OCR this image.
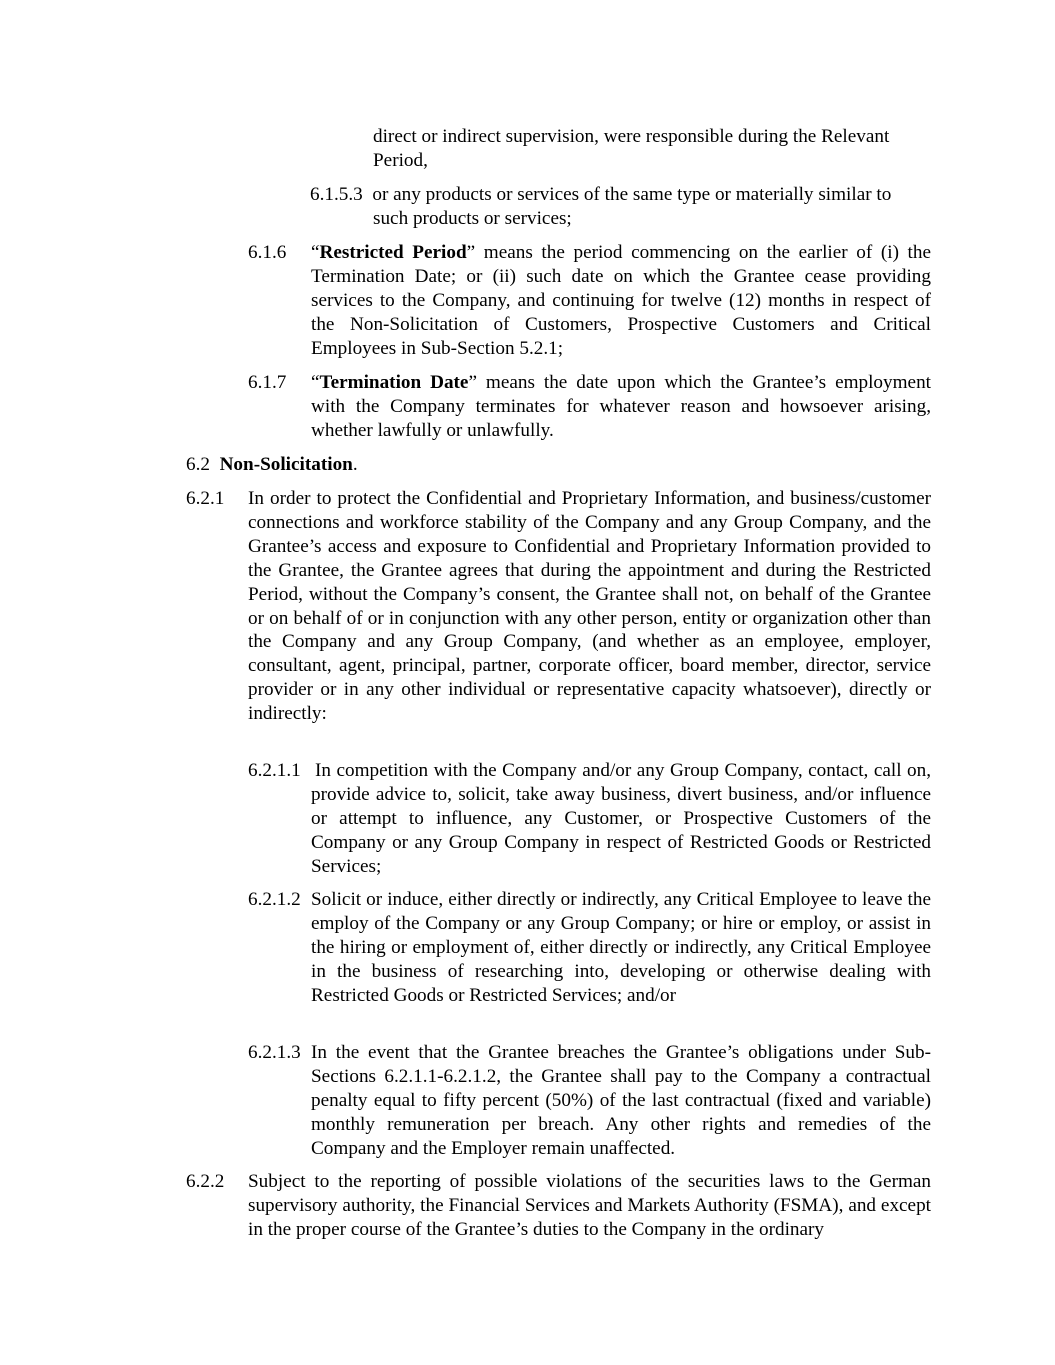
direct or indirect supervision, were responsible during the Relevant Period,
6.1.5.3 or any products or services of the same type or materially similar to such products or services;
6.1.6 “Restricted Period” means the period commencing on the earlier of (i) the Termination Date; or (ii) such date on which the Grantee cease providing services to the Company, and continuing for twelve (12) months in respect of the Non-Solicitation of Customers, Prospective Customers and Critical Employees in Sub-Section 5.2.1;
6.1.7 “Termination Date” means the date upon which the Grantee’s employment with the Company terminates for whatever reason and howsoever arising, whether lawfully or unlawfully.
6.2 Non-Solicitation.
6.2.1 In order to protect the Confidential and Proprietary Information, and business/customer connections and workforce stability of the Company and any Group Company, and the Grantee’s access and exposure to Confidential and Proprietary Information provided to the Grantee, the Grantee agrees that during the appointment and during the Restricted Period, without the Company’s consent, the Grantee shall not, on behalf of the Grantee or on behalf of or in conjunction with any other person, entity or organization other than the Company and any Group Company, (and whether as an employee, employer, consultant, agent, principal, partner, corporate officer, board member, director, service provider or in any other individual or representative capacity whatsoever), directly or indirectly:
6.2.1.1 In competition with the Company and/or any Group Company, contact, call on, provide advice to, solicit, take away business, divert business, and/or influence or attempt to influence, any Customer, or Prospective Customers of the Company or any Group Company in respect of Restricted Goods or Restricted Services;
6.2.1.2 Solicit or induce, either directly or indirectly, any Critical Employee to leave the employ of the Company or any Group Company; or hire or employ, or assist in the hiring or employment of, either directly or indirectly, any Critical Employee in the business of researching into, developing or otherwise dealing with Restricted Goods or Restricted Services; and/or
6.2.1.3 In the event that the Grantee breaches the Grantee’s obligations under Sub-Sections 6.2.1.1-6.2.1.2, the Grantee shall pay to the Company a contractual penalty equal to fifty percent (50%) of the last contractual (fixed and variable) monthly remuneration per breach. Any other rights and remedies of the Company and the Employer remain unaffected.
6.2.2 Subject to the reporting of possible violations of the securities laws to the German supervisory authority, the Financial Services and Markets Authority (FSMA), and except in the proper course of the Grantee’s duties to the Company in the ordinary
